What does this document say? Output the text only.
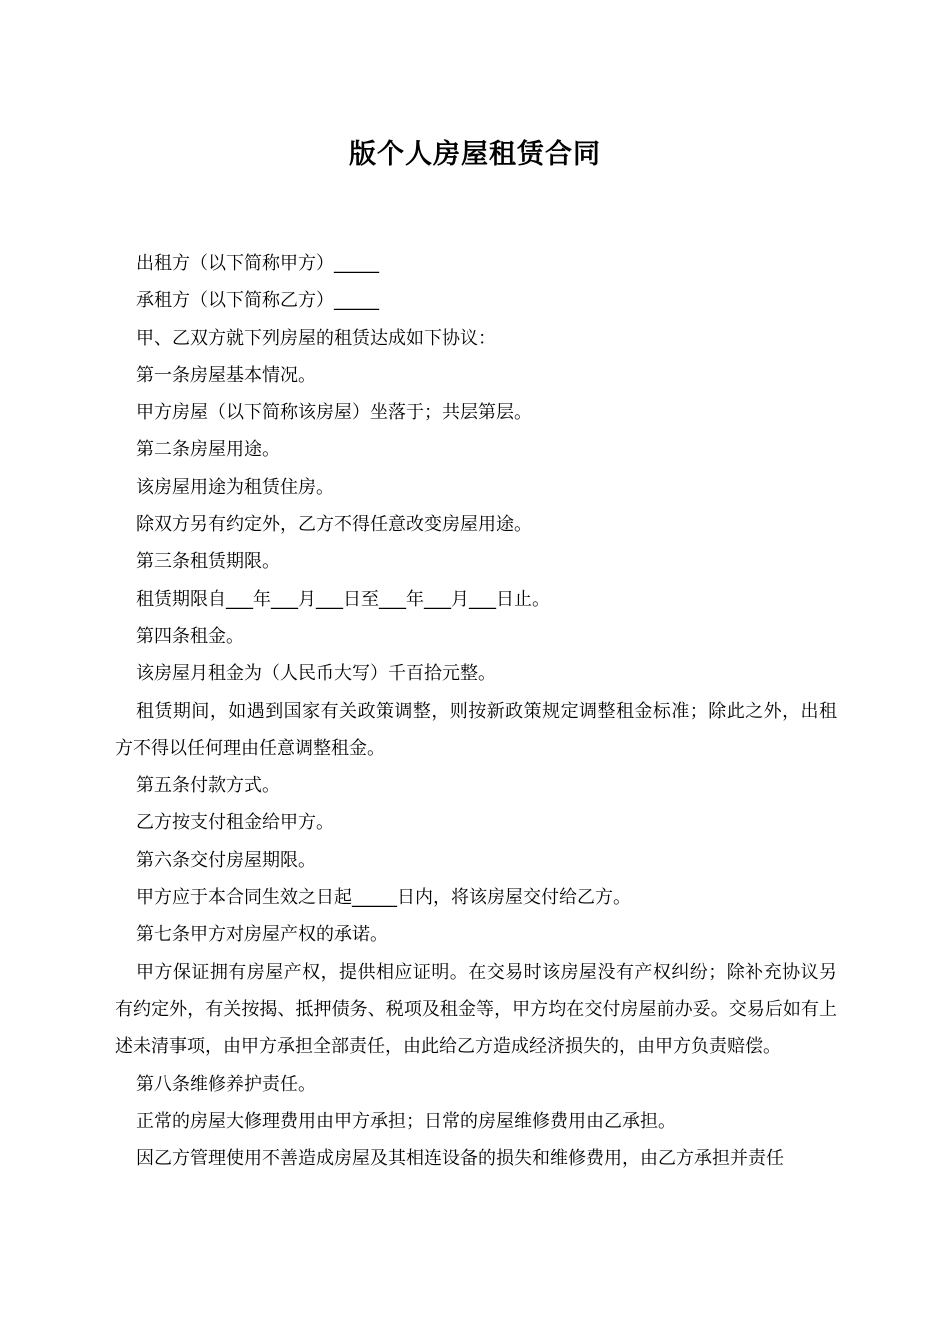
版个人房屋租赁合同

出租方（以下简称甲方）_____

承租方（以下简称乙方）_____

甲、乙双方就下列房屋的租赁达成如下协议：

第一条房屋基本情况。

甲方房屋（以下简称该房屋）坐落于；共层第层。

第二条房屋用途。

该房屋用途为租赁住房。

除双方另有约定外，乙方不得任意改变房屋用途。

第三条租赁期限。

租赁期限自___年___月___日至___年___月___日止。

第四条租金。

该房屋月租金为（人民币大写）千百拾元整。

租赁期间，如遇到国家有关政策调整，则按新政策规定调整租金标准；除此之外，出租方不得以任何理由任意调整租金。

第五条付款方式。

乙方按支付租金给甲方。

第六条交付房屋期限。

甲方应于本合同生效之日起_____日内，将该房屋交付给乙方。

第七条甲方对房屋产权的承诺。

甲方保证拥有房屋产权，提供相应证明。在交易时该房屋没有产权纠纷；除补充协议另有约定外，有关按揭、抵押债务、税项及租金等，甲方均在交付房屋前办妥。交易后如有上述未清事项，由甲方承担全部责任，由此给乙方造成经济损失的，由甲方负责赔偿。

第八条维修养护责任。

正常的房屋大修理费用由甲方承担；日常的房屋维修费用由乙承担。

因乙方管理使用不善造成房屋及其相连设备的损失和维修费用，由乙方承担并责任
